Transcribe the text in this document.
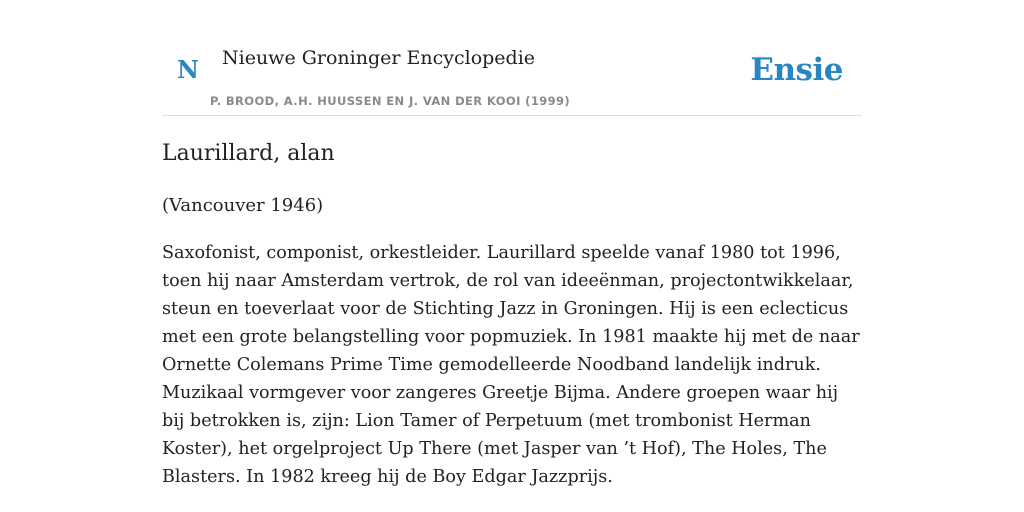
N Nieuwe Groninger Encyclopedie
P. BROOD, A.H. HUUSSEN EN J. VAN DER KOOI (1999)
Ensie
Laurillard, alan

(Vancouver 1946)

Saxofonist, componist, orkestleider. Laurillard speelde vanaf 1980 tot 1996, toen hij naar Amsterdam vertrok, de rol van ideeënman, projectontwikkelaar, steun en toeverlaat voor de Stichting Jazz in Groningen. Hij is een eclecticus met een grote belangstelling voor popmuziek. In 1981 maakte hij met de naar Ornette Colemans Prime Time gemodelleerde Noodband landelijk indruk. Muzikaal vormgever voor zangeres Greetje Bijma. Andere groepen waar hij bij betrokken is, zijn: Lion Tamer of Perpetuum (met trombonist Herman Koster), het orgelproject Up There (met Jasper van ’t Hof), The Holes, The Blasters. In 1982 kreeg hij de Boy Edgar Jazzprijs.
